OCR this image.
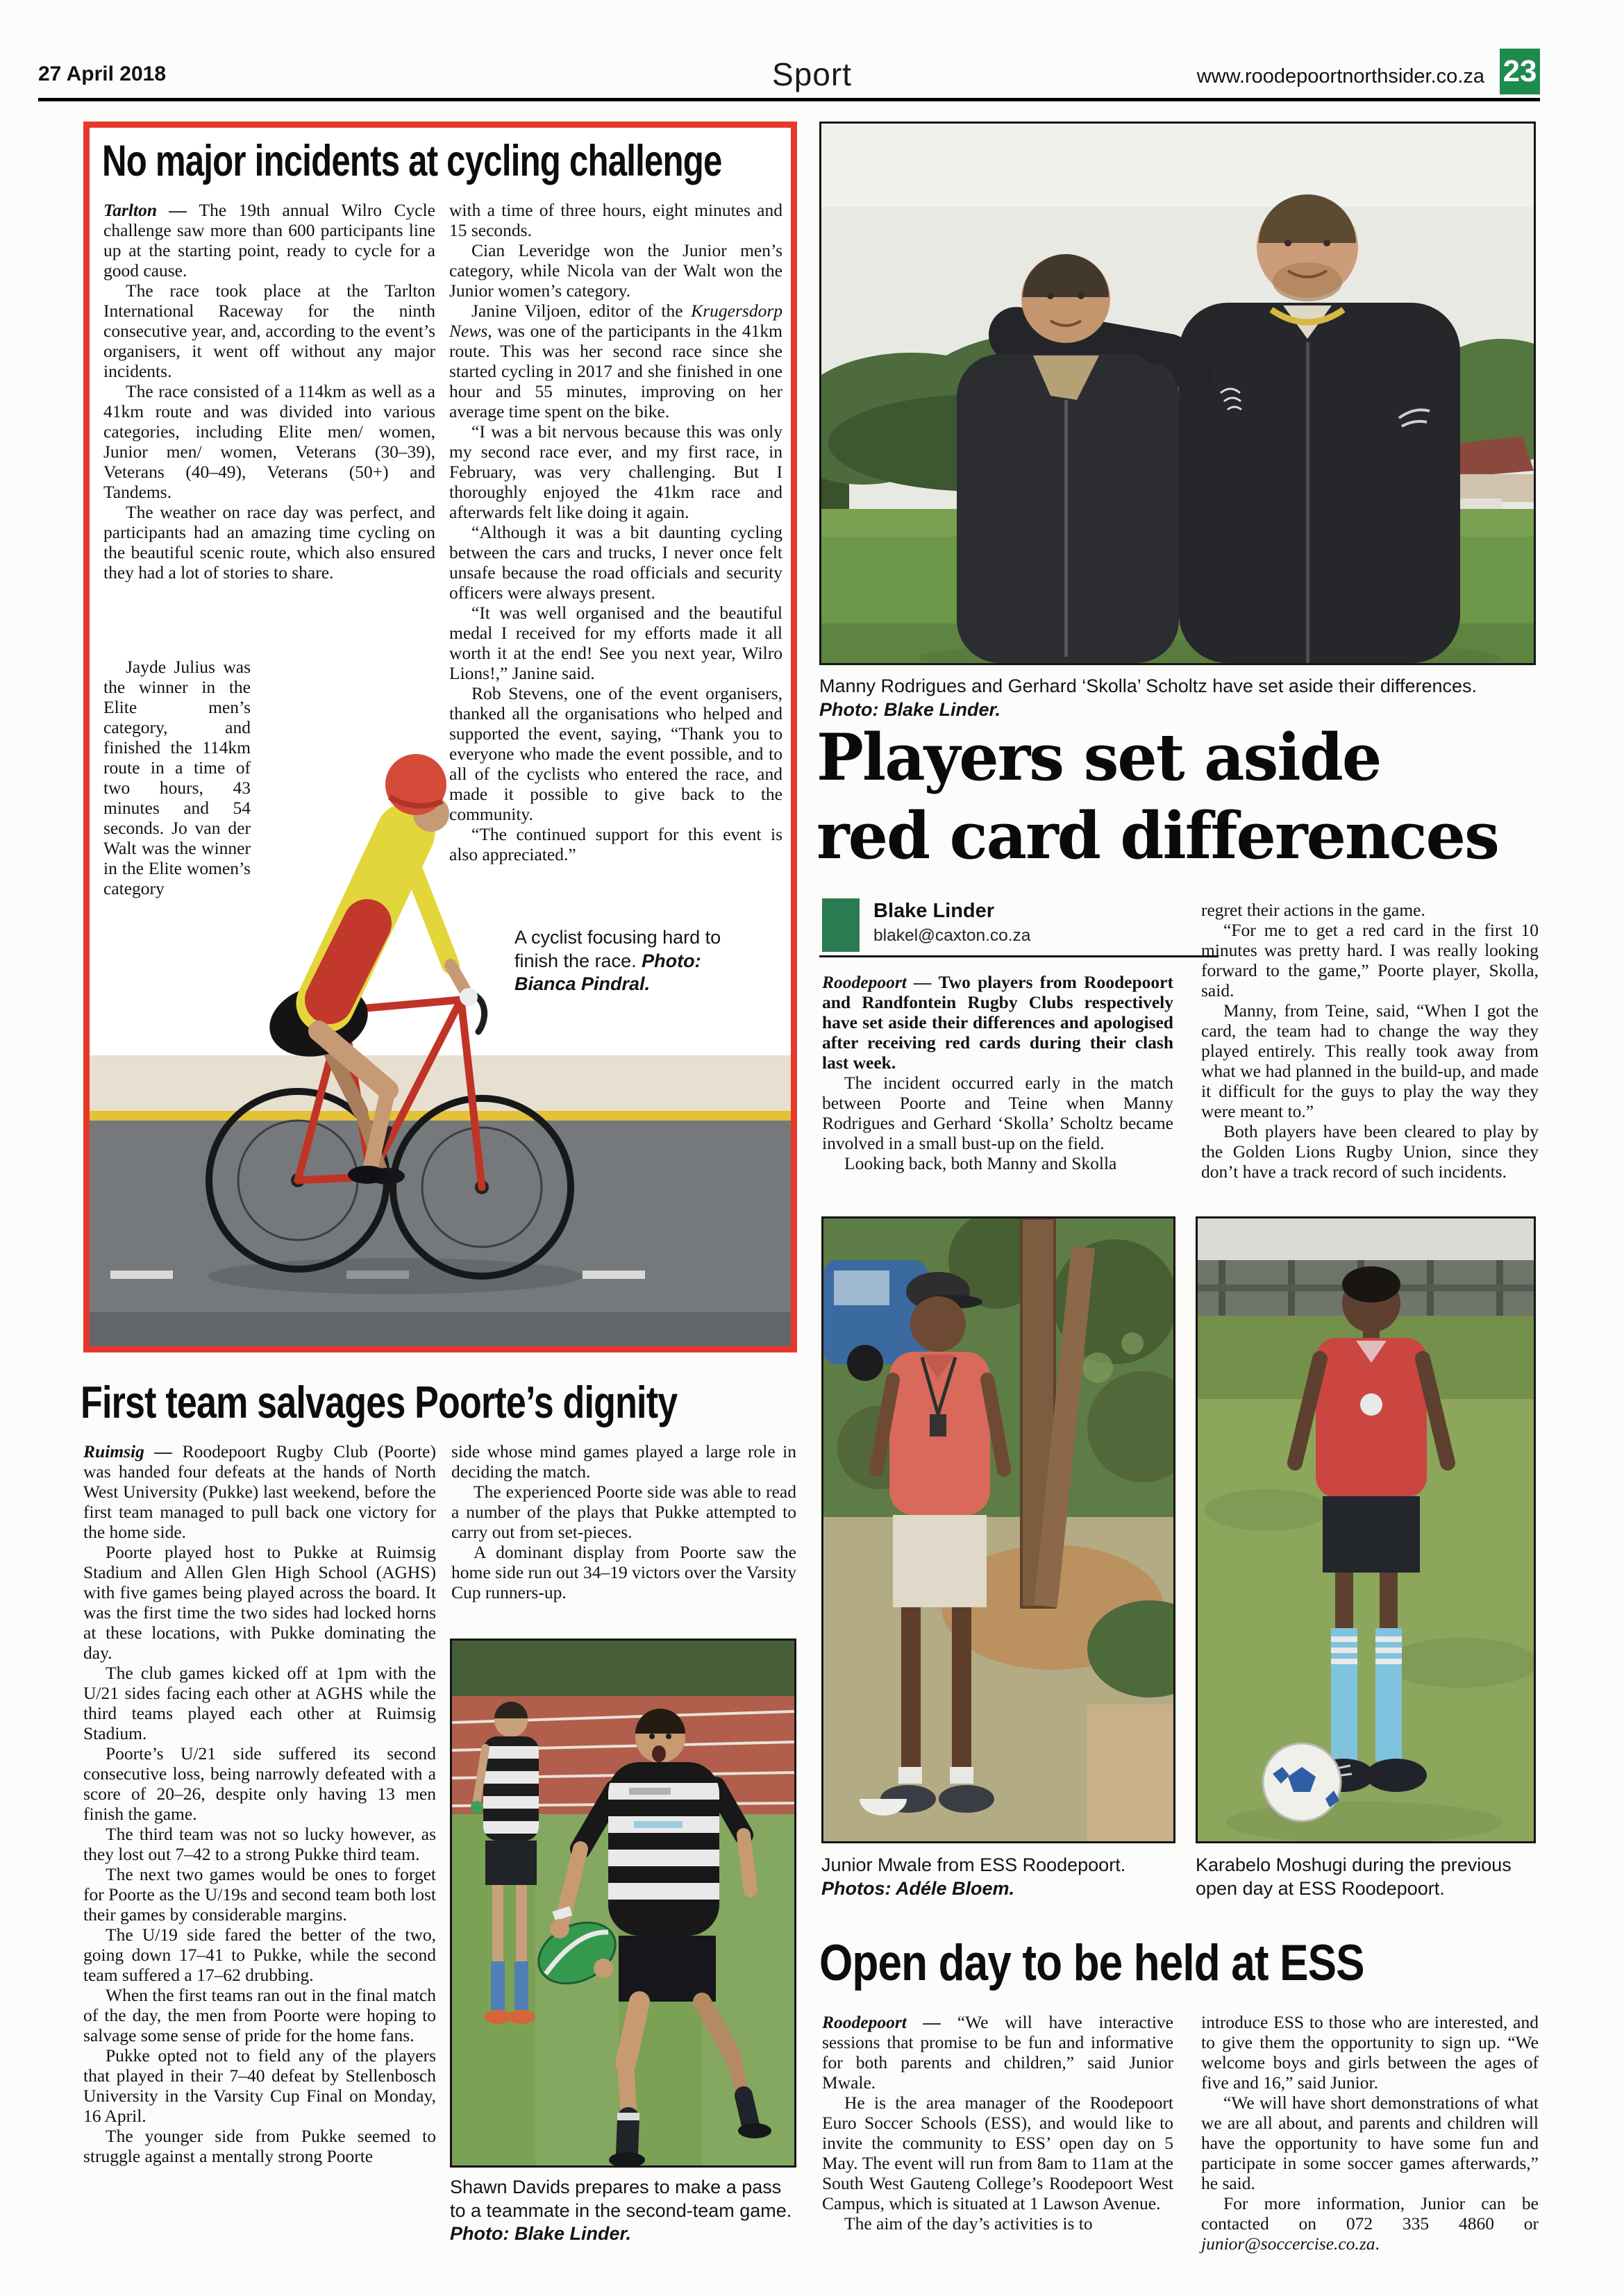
27 April 2018	Sport	www.roodepoortnorthsider.co.za 23
No major incidents at cycling challenge

Tarlton — The 19th annual Wilro Cycle challenge saw more than 600 participants line up at the starting point, ready to cycle for a good cause.

The race took place at the Tarlton International Raceway for the ninth consecutive year, and, according to the event’s organisers, it went off without any major incidents.

The race consisted of a 114km as well as a 41km route and was divided into various categories, including Elite men/ women, Junior men/ women, Veterans (30–39), Veterans (40–49), Veterans (50+) and Tandems.

The weather on race day was perfect, and participants had an amazing time cycling on the beautiful scenic route, which also ensured they had a lot of stories to share.

Jayde Julius was the winner in the Elite men’s category, and finished the 114km route in a time of two hours, 43 minutes and 54 seconds. Jo van der Walt was the winner in the Elite women’s category

with a time of three hours, eight minutes and 15 seconds.

Cian Leveridge won the Junior men’s category, while Nicola van der Walt won the Junior women’s category.

Janine Viljoen, editor of the Krugersdorp News, was one of the participants in the 41km route. This was her second race since she started cycling in 2017 and she finished in one hour and 55 minutes, improving on her average time spent on the bike.

“I was a bit nervous because this was only my second race ever, and my first race, in February, was very challenging. But I thoroughly enjoyed the 41km race and afterwards felt like doing it again.

“Although it was a bit daunting cycling between the cars and trucks, I never once felt unsafe because the road officials and security officers were always present.

“It was well organised and the beautiful medal I received for my efforts made it all worth it at the end! See you next year, Wilro Lions!,” Janine said.

Rob Stevens, one of the event organisers, thanked all the organisations who helped and supported the event, saying, “Thank you to everyone who made the event possible, and to all of the cyclists who entered the race, and made it possible to give back to the community.

“The continued support for this event is also appreciated.”

A cyclist focusing hard to finish the race. Photo: Bianca Pindral.
Manny Rodrigues and Gerhard ‘Skolla’ Scholtz have set aside their differences. Photo: Blake Linder.
Players set aside
red card differences
Blake Linder
blakel@caxton.co.za

Roodepoort — Two players from Roodepoort and Randfontein Rugby Clubs respectively have set aside their differences and apologised after receiving red cards during their clash last week.

The incident occurred early in the match between Poorte and Teine when Manny Rodrigues and Gerhard ‘Skolla’ Scholtz became involved in a small bust-up on the field.

Looking back, both Manny and Skolla

regret their actions in the game.

“For me to get a red card in the first 10 minutes was pretty hard. I was really looking forward to the game,” Poorte player, Skolla, said.

Manny, from Teine, said, “When I got the card, the team had to change the way they played entirely. This really took away from what we had planned in the build-up, and made it difficult for the guys to play the way they were meant to.”

Both players have been cleared to play by the Golden Lions Rugby Union, since they don’t have a track record of such incidents.

First team salvages Poorte’s dignity

Ruimsig — Roodepoort Rugby Club (Poorte) was handed four defeats at the hands of North West University (Pukke) last weekend, before the first team managed to pull back one victory for the home side.

Poorte played host to Pukke at Ruimsig Stadium and Allen Glen High School (AGHS) with five games being played across the board. It was the first time the two sides had locked horns at these locations, with Pukke dominating the day.

The club games kicked off at 1pm with the U/21 sides facing each other at AGHS while the third teams played each other at Ruimsig Stadium.

Poorte’s U/21 side suffered its second consecutive loss, being narrowly defeated with a score of 20–26, despite only having 13 men finish the game.

The third team was not so lucky however, as they lost out 7–42 to a strong Pukke third team.

The next two games would be ones to forget for Poorte as the U/19s and second team both lost their games by considerable margins.

The U/19 side fared the better of the two, going down 17–41 to Pukke, while the second team suffered a 17–62 drubbing.

When the first teams ran out in the final match of the day, the men from Poorte were hoping to salvage some sense of pride for the home fans.

Pukke opted not to field any of the players that played in their 7–40 defeat by Stellenbosch University in the Varsity Cup Final on Monday, 16 April.

The younger side from Pukke seemed to struggle against a mentally strong Poorte

side whose mind games played a large role in deciding the match.

The experienced Poorte side was able to read a number of the plays that Pukke attempted to carry out from set-pieces.

A dominant display from Poorte saw the home side run out 34–19 victors over the Varsity Cup runners-up.

Shawn Davids prepares to make a pass to a teammate in the second-team game. Photo: Blake Linder.
Junior Mwale from ESS Roodepoort.
Photos: Adéle Bloem.
Karabelo Moshugi during the previous open day at ESS Roodepoort.
Open day to be held at ESS

Roodepoort — “We will have interactive sessions that promise to be fun and informative for both parents and children,” said Junior Mwale.

He is the area manager of the Roodepoort Euro Soccer Schools (ESS), and would like to invite the community to ESS’ open day on 5 May. The event will run from 8am to 11am at the South West Gauteng College’s Roodepoort West Campus, which is situated at 1 Lawson Avenue.

The aim of the day’s activities is to

introduce ESS to those who are interested, and to give them the opportunity to sign up. “We welcome boys and girls between the ages of five and 16,” said Junior.

“We will have short demonstrations of what we are all about, and parents and children will have the opportunity to have some fun and participate in some soccer games afterwards,” he said.

For more information, Junior can be contacted on 072 335 4860 or junior@soccercise.co.za.
